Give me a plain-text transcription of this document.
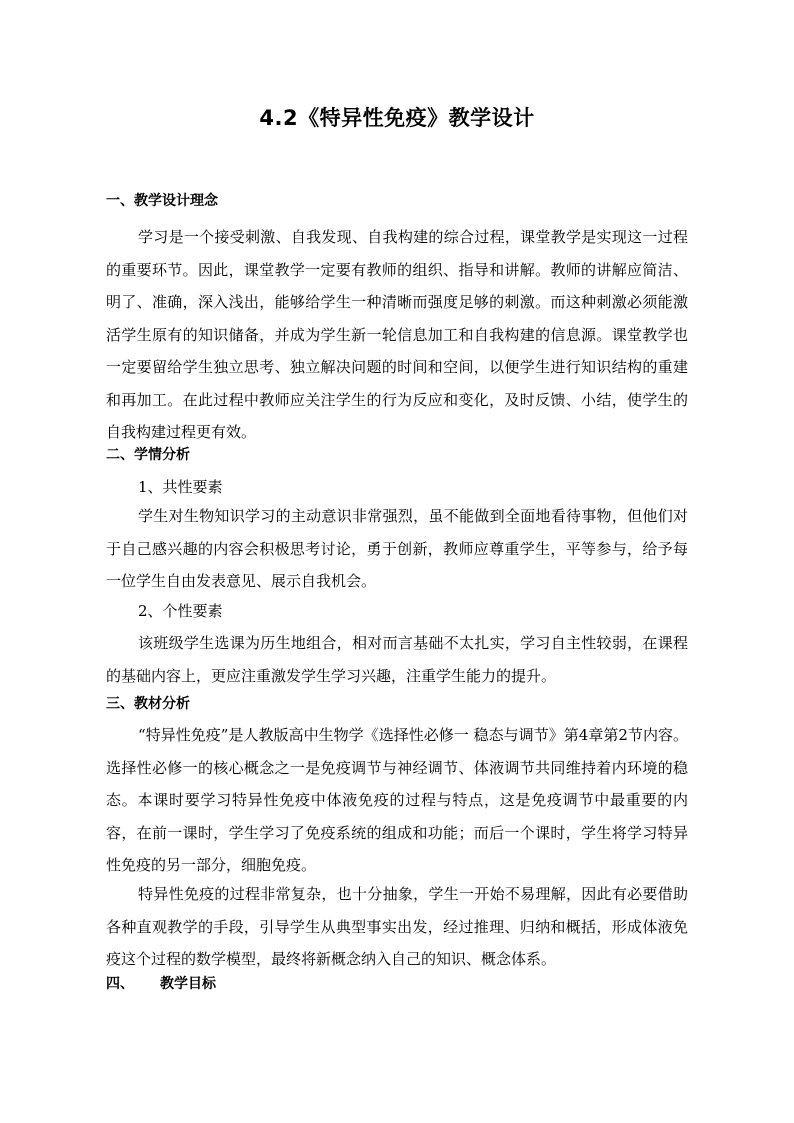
4.2《特异性免疫》教学设计
一、教学设计理念
学习是一个接受刺激、自我发现、自我构建的综合过程，课堂教学是实现这一过程的重要环节。因此，课堂教学一定要有教师的组织、指导和讲解。教师的讲解应简洁、明了、准确，深入浅出，能够给学生一种清晰而强度足够的刺激。而这种刺激必须能激活学生原有的知识储备，并成为学生新一轮信息加工和自我构建的信息源。课堂教学也一定要留给学生独立思考、独立解决问题的时间和空间，以便学生进行知识结构的重建和再加工。在此过程中教师应关注学生的行为反应和变化，及时反馈、小结，使学生的自我构建过程更有效。
二、学情分析
1、共性要素
学生对生物知识学习的主动意识非常强烈，虽不能做到全面地看待事物，但他们对于自己感兴趣的内容会积极思考讨论，勇于创新，教师应尊重学生，平等参与，给予每一位学生自由发表意见、展示自我机会。
2、个性要素
该班级学生选课为历生地组合，相对而言基础不太扎实，学习自主性较弱，在课程的基础内容上，更应注重激发学生学习兴趣，注重学生能力的提升。
三、教材分析
“特异性免疫”是人教版高中生物学《选择性必修一 稳态与调节》第4章第2节内容。选择性必修一的核心概念之一是免疫调节与神经调节、体液调节共同维持着内环境的稳态。本课时要学习特异性免疫中体液免疫的过程与特点，这是免疫调节中最重要的内容，在前一课时，学生学习了免疫系统的组成和功能；而后一个课时，学生将学习特异性免疫的另一部分，细胞免疫。
特异性免疫的过程非常复杂，也十分抽象，学生一开始不易理解，因此有必要借助各种直观教学的手段，引导学生从典型事实出发，经过推理、归纳和概括，形成体液免疫这个过程的数学模型，最终将新概念纳入自己的知识、概念体系。
四、 教学目标
